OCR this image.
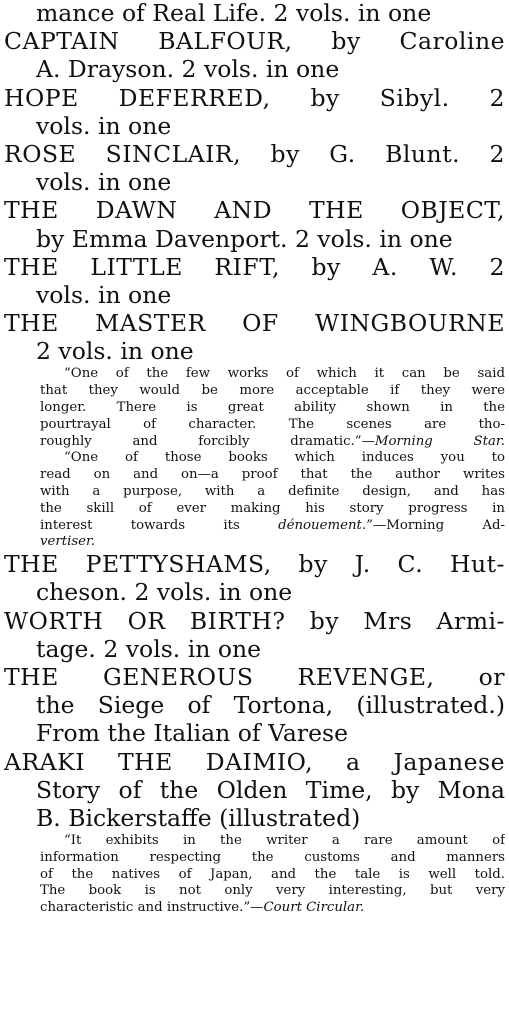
mance of Real Life. 2 vols. in one
CAPTAIN BALFOUR, by Caroline
A. Drayson. 2 vols. in one
HOPE DEFERRED, by Sibyl. 2
vols. in one
ROSE SINCLAIR, by G. Blunt. 2
vols. in one
THE DAWN AND THE OBJECT,
by Emma Davenport. 2 vols. in one
THE LITTLE RIFT, by A. W. 2
vols. in one
THE MASTER OF WINGBOURNE
2 vols. in one
“One of the few works of which it can be said
that they would be more acceptable if they were
longer. There is great ability shown in the
pourtrayal of character. The scenes are tho-
roughly and forcibly dramatic.”—Morning Star.
“One of those books which induces you to
read on and on—a proof that the author writes
with a purpose, with a definite design, and has
the skill of ever making his story progress in
interest towards its dénouement.”—Morning Ad-
vertiser.
THE PETTYSHAMS, by J. C. Hut-
cheson. 2 vols. in one
WORTH OR BIRTH? by Mrs Armi-
tage. 2 vols. in one
THE GENEROUS REVENGE, or
the Siege of Tortona, (illustrated.)
From the Italian of Varese
ARAKI THE DAIMIO, a Japanese
Story of the Olden Time, by Mona
B. Bickerstaffe (illustrated)
“It exhibits in the writer a rare amount of
information respecting the customs and manners
of the natives of Japan, and the tale is well told.
The book is not only very interesting, but very
characteristic and instructive.”—Court Circular.
